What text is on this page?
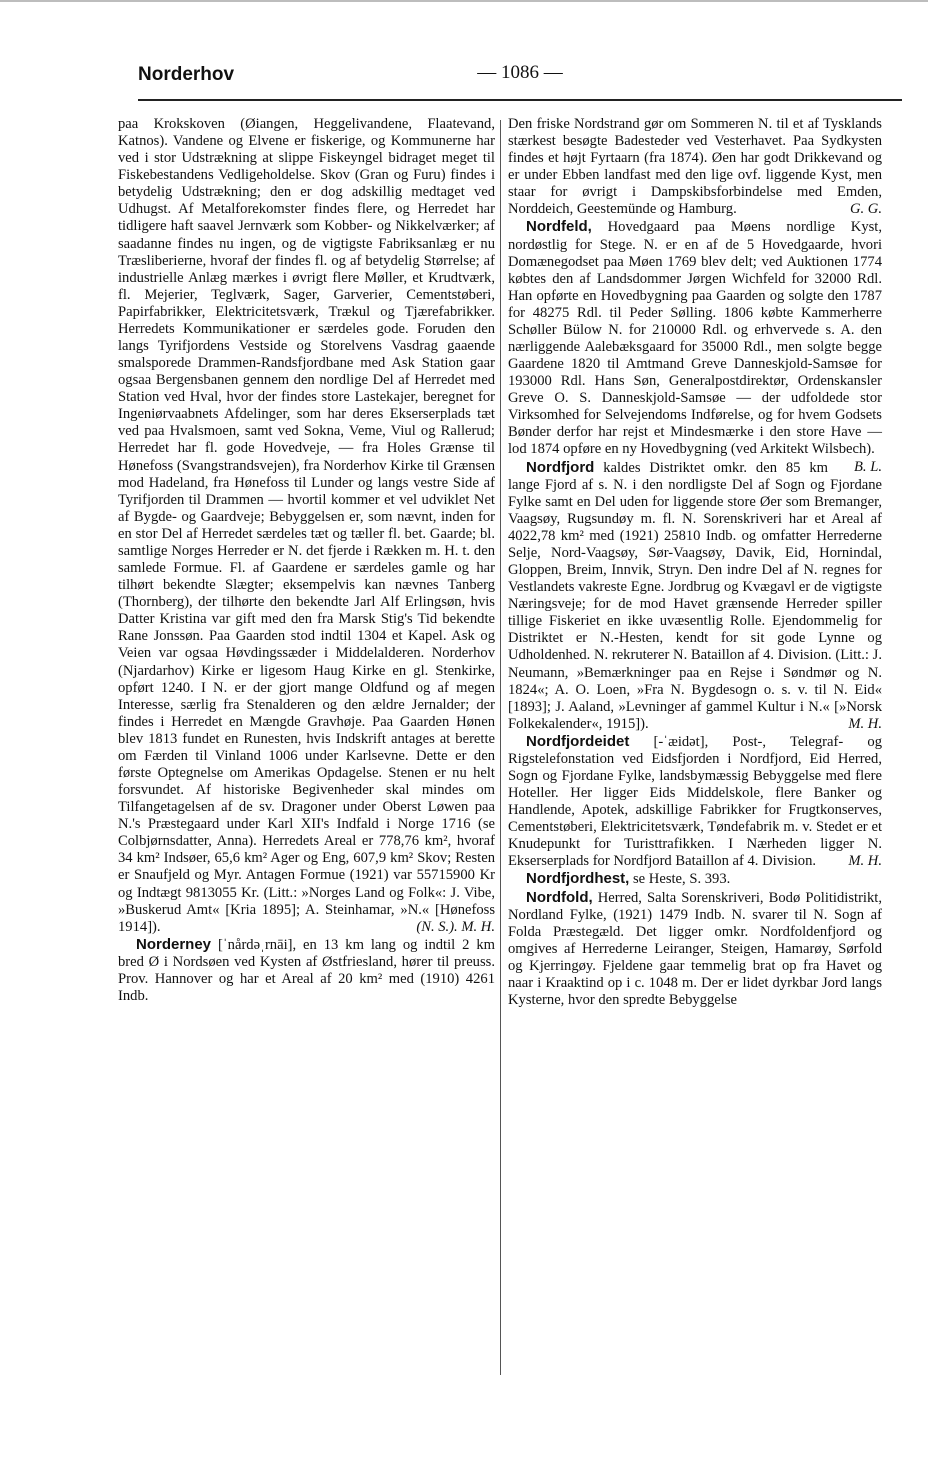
Norderhov	— 1086 —

paa Krokskoven (Øiangen, Heggelivandene, Flaatevand, Katnos). Vandene og Elvene er fiskerige, og Kommunerne har ved i stor Udstrækning at slippe Fiskeyngel bidraget meget til Fiskebestandens Vedligeholdelse. Skov (Gran og Furu) findes i betydelig Udstrækning; den er dog adskillig medtaget ved Udhugst. Af Metalforekomster findes flere, og Herredet har tidligere haft saavel Jernværk som Kobber- og Nikkelværker; af saadanne findes nu ingen, og de vigtigste Fabriksanlæg er nu Træsliberierne, hvoraf der findes fl. og af betydelig Størrelse; af industrielle Anlæg mærkes i øvrigt flere Møller, et Krudtværk, fl. Mejerier, Teglværk, Sager, Garverier, Cementstøberi, Papirfabrikker, Elektricitetsværk, Trækul og Tjærefabrikker. Herredets Kommunikationer er særdeles gode. Foruden den langs Tyrifjordens Vestside og Storelvens Vasdrag gaaende smalsporede Drammen-Randsfjordbane med Ask Station gaar ogsaa Bergensbanen gennem den nordlige Del af Herredet med Station ved Hval, hvor der findes store Lastekajer, beregnet for Ingeniørvaabnets Afdelinger, som har deres Ekserserplads tæt ved paa Hvalsmoen, samt ved Sokna, Veme, Viul og Rallerud; Herredet har fl. gode Hovedveje, — fra Holes Grænse til Hønefoss (Svangstrandsvejen), fra Norderhov Kirke til Grænsen mod Hadeland, fra Hønefoss til Lunder og langs vestre Side af Tyrifjorden til Drammen — hvortil kommer et vel udviklet Net af Bygde- og Gaardveje; Bebyggelsen er, som nævnt, inden for en stor Del af Herredet særdeles tæt og tæller fl. bet. Gaarde; bl. samtlige Norges Herreder er N. det fjerde i Rækken m. H. t. den samlede Formue. Fl. af Gaardene er særdeles gamle og har tilhørt bekendte Slægter; eksempelvis kan nævnes Tanberg (Thornberg), der tilhørte den bekendte Jarl Alf Erlingsøn, hvis Datter Kristina var gift med den fra Marsk Stig's Tid bekendte Rane Jonssøn. Paa Gaarden stod indtil 1304 et Kapel. Ask og Veien var ogsaa Høvdingssæder i Middelalderen. Norderhov (Njardarhov) Kirke er ligesom Haug Kirke en gl. Stenkirke, opført 1240. I N. er der gjort mange Oldfund og af megen Interesse, særlig fra Stenalderen og den ældre Jernalder; der findes i Herredet en Mængde Gravhøje. Paa Gaarden Hønen blev 1813 fundet en Runesten, hvis Indskrift antages at berette om Færden til Vinland 1006 under Karlsevne. Dette er den første Optegnelse om Amerikas Opdagelse. Stenen er nu helt forsvundet. Af historiske Begivenheder skal mindes om Tilfangetagelsen af de sv. Dragoner under Oberst Løwen paa N.'s Præstegaard under Karl XII's Indfald i Norge 1716 (se Colbjørnsdatter, Anna). Herredets Areal er 778,76 km², hvoraf 34 km² Indsøer, 65,6 km² Ager og Eng, 607,9 km² Skov; Resten er Snaufjeld og Myr. Antagen Formue (1921) var 55715900 Kr og Indtægt 9813055 Kr. (Litt.: »Norges Land og Folk«: J. Vibe, »Buskerud Amt« [Kria 1895]; A. Steinhamar, »N.« [Hønefoss 1914]).	(N. S.). M. H.

Norderney [ˈnårdəˌrnāi], en 13 km lang og indtil 2 km bred Ø i Nordsøen ved Kysten af Østfriesland, hører til preuss. Prov. Hannover og har et Areal af 20 km² med (1910) 4261 Indb.

Den friske Nordstrand gør om Sommeren N. til et af Tysklands stærkest besøgte Badesteder ved Vesterhavet. Paa Sydkysten findes et højt Fyrtaarn (fra 1874). Øen har godt Drikkevand og er under Ebben landfast med den lige ovf. liggende Kyst, men staar for øvrigt i Dampskibsforbindelse med Emden, Norddeich, Geestemünde og Hamburg.	G. G.

Nordfeld, Hovedgaard paa Møens nordlige Kyst, nordøstlig for Stege. N. er en af de 5 Hovedgaarde, hvori Domænegodset paa Møen 1769 blev delt; ved Auktionen 1774 købtes den af Landsdommer Jørgen Wichfeld for 32000 Rdl. Han opførte en Hovedbygning paa Gaarden og solgte den 1787 for 48275 Rdl. til Peder Sølling. 1806 købte Kammerherre Schøller Bülow N. for 210000 Rdl. og erhvervede s. A. den nærliggende Aalebæksgaard for 35000 Rdl., men solgte begge Gaardene 1820 til Amtmand Greve Danneskjold-Samsøe for 193000 Rdl. Hans Søn, Generalpostdirektør, Ordenskansler Greve O. S. Danneskjold-Samsøe — der udfoldede stor Virksomhed for Selvejendoms Indførelse, og for hvem Godsets Bønder derfor har rejst et Mindesmærke i den store Have — lod 1874 opføre en ny Hovedbygning (ved Arkitekt Wilsbech).
B. L.

Nordfjord kaldes Distriktet omkr. den 85 km lange Fjord af s. N. i den nordligste Del af Sogn og Fjordane Fylke samt en Del uden for liggende store Øer som Bremanger, Vaagsøy, Rugsundøy m. fl. N. Sorenskriveri har et Areal af 4022,78 km² med (1921) 25810 Indb. og omfatter Herrederne Selje, Nord-Vaagsøy, Sør-Vaagsøy, Davik, Eid, Hornindal, Gloppen, Breim, Innvik, Stryn. Den indre Del af N. regnes for Vestlandets vakreste Egne. Jordbrug og Kvægavl er de vigtigste Næringsveje; for de mod Havet grænsende Herreder spiller tillige Fiskeriet en ikke uvæsentlig Rolle. Ejendommelig for Distriktet er N.-Hesten, kendt for sit gode Lynne og Udholdenhed. N. rekruterer N. Bataillon af 4. Division. (Litt.: J. Neumann, »Bemærkninger paa en Rejse i Søndmør og N. 1824«; A. O. Loen, »Fra N. Bygdesogn o. s. v. til N. Eid« [1893]; J. Aaland, »Levninger af gammel Kultur i N.« [»Norsk Folkekalender«, 1915]).	M. H.

Nordfjordeidet [-ˈæidət], Post-, Telegraf- og Rigstelefonstation ved Eidsfjorden i Nordfjord, Eid Herred, Sogn og Fjordane Fylke, landsbymæssig Bebyggelse med flere Hoteller. Her ligger Eids Middelskole, flere Banker og Handlende, Apotek, adskillige Fabrikker for Frugtkonserves, Cementstøberi, Elektricitetsværk, Tøndefabrik m. v. Stedet er et Knudepunkt for Turisttrafikken. I Nærheden ligger N. Ekserserplads for Nordfjord Bataillon af 4. Division.	M. H.

Nordfjordhest, se Heste, S. 393.

Nordfold, Herred, Salta Sorenskriveri, Bodø Politidistrikt, Nordland Fylke, (1921) 1479 Indb. N. svarer til N. Sogn af Folda Præstegæld. Det ligger omkr. Nordfoldenfjord og omgives af Herrederne Leiranger, Steigen, Hamarøy, Sørfold og Kjerringøy. Fjeldene gaar temmelig brat op fra Havet og naar i Kraaktind op i c. 1048 m. Der er lidet dyrkbar Jord langs Kysterne, hvor den spredte Bebyggelse
